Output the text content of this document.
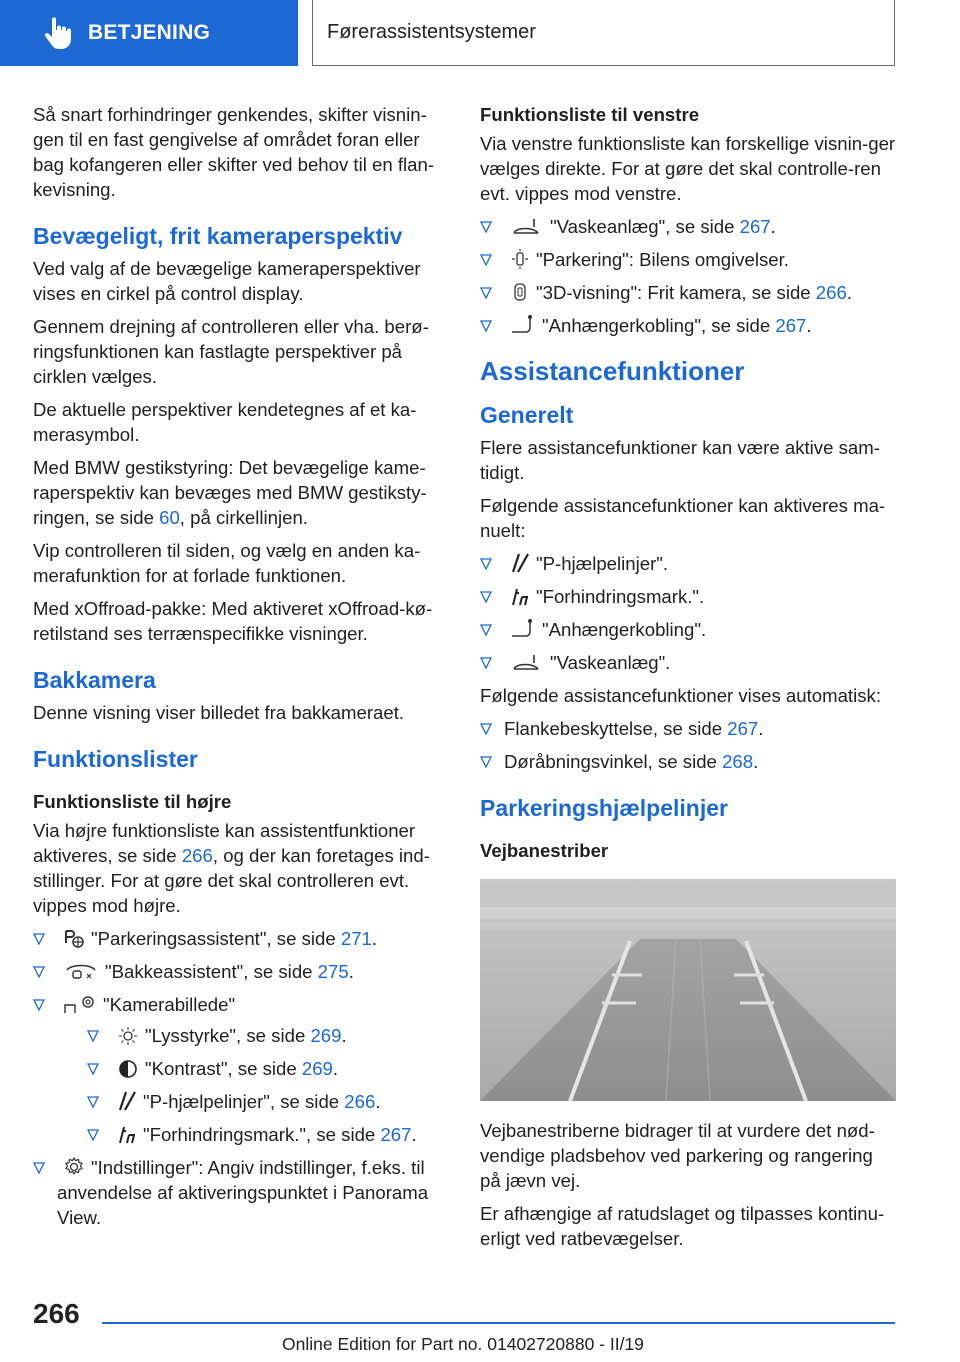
BETJENING	Førerassistentsystemer

Så snart forhindringer genkendes, skifter visnin-gen til en fast gengivelse af området foran eller bag kofangeren eller skifter ved behov til en flan-kevisning.

Bevægeligt, frit kameraperspektiv

Ved valg af de bevægelige kameraperspektiver vises en cirkel på control display.

Gennem drejning af controlleren eller vha. berø-ringsfunktionen kan fastlagte perspektiver på cirklen vælges.

De aktuelle perspektiver kendetegnes af et ka-merasymbol.

Med BMW gestikstyring: Det bevægelige kame-raperspektiv kan bevæges med BMW gestiksty-ringen, se side 60, på cirkellinjen.

Vip controlleren til siden, og vælg en anden ka-merafunktion for at forlade funktionen.

Med xOffroad-pakke: Med aktiveret xOffroad-kø-retilstand ses terrænspecifikke visninger.

Bakkamera

Denne visning viser billedet fra bakkameraet.

Funktionslister
Funktionsliste til højre

Via højre funktionsliste kan assistentfunktioner aktiveres, se side 266, og der kan foretages ind-stillinger. For at gøre det skal controlleren evt. vippes mod højre.

"Parkeringsassistent", se side 271.
"Bakkeassistent", se side 275.
"Kamerabillede"
"Lysstyrke", se side 269.
"Kontrast", se side 269.
"P-hjælpelinjer", se side 266.
"Forhindringsmark.", se side 267.
"Indstillinger": Angiv indstillinger, f.eks. til anvendelse af aktiveringspunktet i Panorama View.
Funktionsliste til venstre

Via venstre funktionsliste kan forskellige visnin-ger vælges direkte. For at gøre det skal controlle-ren evt. vippes mod venstre.

"Vaskeanlæg", se side 267.
"Parkering": Bilens omgivelser.
"3D-visning": Frit kamera, se side 266.
"Anhængerkobling", se side 267.
Assistancefunktioner
Generelt

Flere assistancefunktioner kan være aktive sam-tidigt.

Følgende assistancefunktioner kan aktiveres ma-nuelt:

"P-hjælpelinjer".
"Forhindringsmark.".
"Anhængerkobling".
"Vaskeanlæg".

Følgende assistancefunktioner vises automatisk:

Flankebeskyttelse, se side 267.
Døråbningsvinkel, se side 268.
Parkeringshjælpelinjer
Vejbanestriber

Vejbanestriberne bidrager til at vurdere det nød-vendige pladsbehov ved parkering og rangering på jævn vej.

Er afhængige af ratudslaget og tilpasses kontinu-erligt ved ratbevægelser.

266
Online Edition for Part no. 01402720880 - II/19
